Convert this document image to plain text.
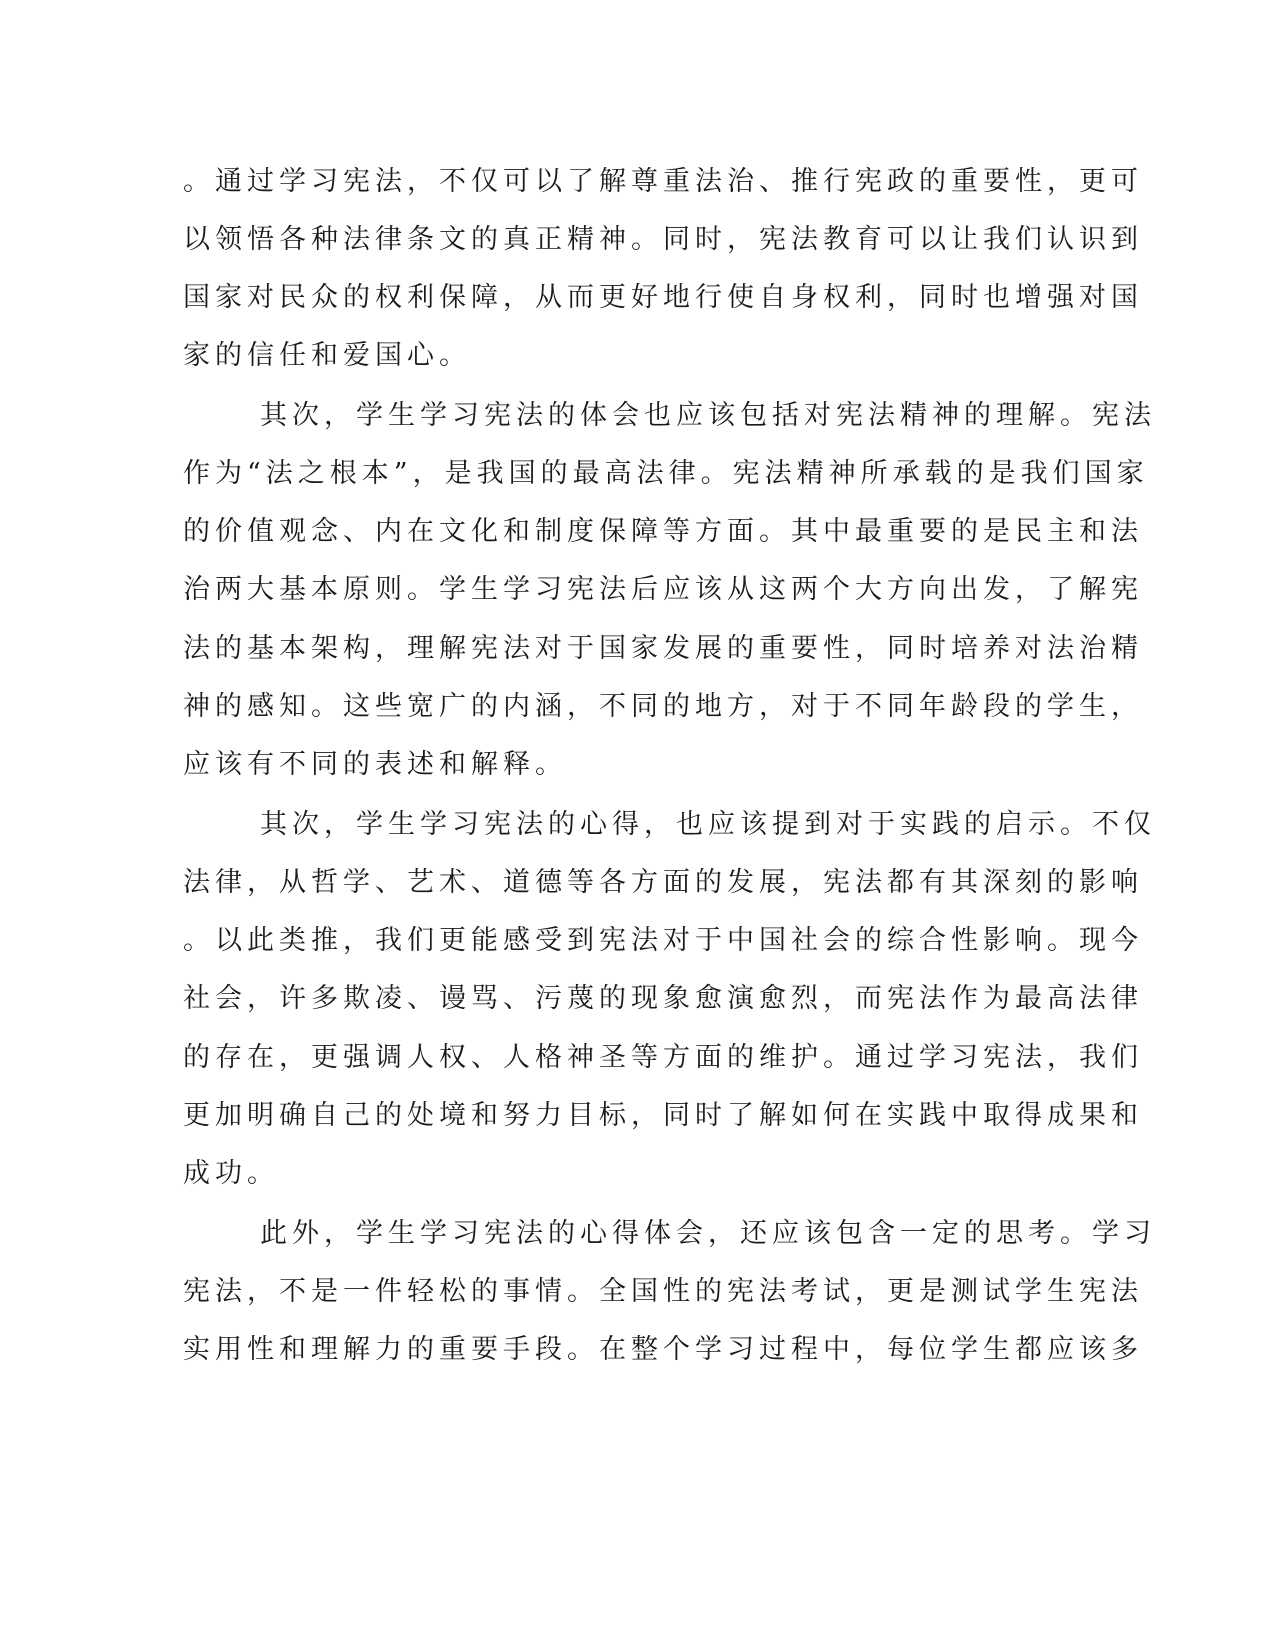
。通过学习宪法，不仅可以了解尊重法治、推行宪政的重要性，更可
以领悟各种法律条文的真正精神。同时，宪法教育可以让我们认识到
国家对民众的权利保障，从而更好地行使自身权利，同时也增强对国
家的信任和爱国心。
其次，学生学习宪法的体会也应该包括对宪法精神的理解。宪法
作为“法之根本”，是我国的最高法律。宪法精神所承载的是我们国家
的价值观念、内在文化和制度保障等方面。其中最重要的是民主和法
治两大基本原则。学生学习宪法后应该从这两个大方向出发，了解宪
法的基本架构，理解宪法对于国家发展的重要性，同时培养对法治精
神的感知。这些宽广的内涵，不同的地方，对于不同年龄段的学生，
应该有不同的表述和解释。
其次，学生学习宪法的心得，也应该提到对于实践的启示。不仅
法律，从哲学、艺术、道德等各方面的发展，宪法都有其深刻的影响
。以此类推，我们更能感受到宪法对于中国社会的综合性影响。现今
社会，许多欺凌、谩骂、污蔑的现象愈演愈烈，而宪法作为最高法律
的存在，更强调人权、人格神圣等方面的维护。通过学习宪法，我们
更加明确自己的处境和努力目标，同时了解如何在实践中取得成果和
成功。
此外，学生学习宪法的心得体会，还应该包含一定的思考。学习
宪法，不是一件轻松的事情。全国性的宪法考试，更是测试学生宪法
实用性和理解力的重要手段。在整个学习过程中，每位学生都应该多
